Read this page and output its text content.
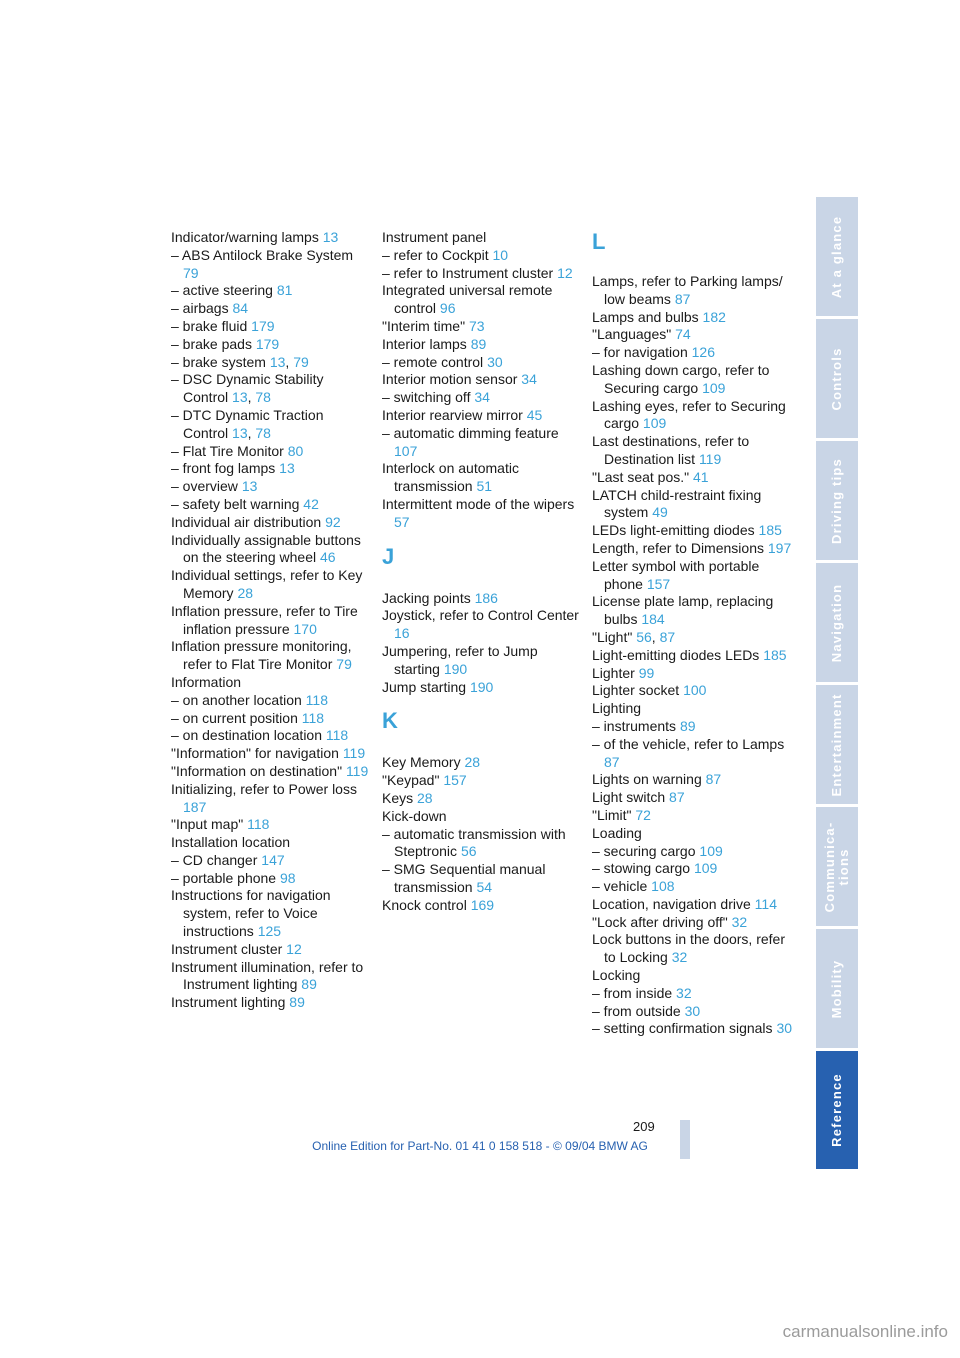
Indicator/warning lamps 13
– ABS Antilock Brake System 79
– active steering 81
– airbags 84
– brake fluid 179
– brake pads 179
– brake system 13, 79
– DSC Dynamic Stability Control 13, 78
– DTC Dynamic Traction Control 13, 78
– Flat Tire Monitor 80
– front fog lamps 13
– overview 13
– safety belt warning 42
Individual air distribution 92
Individually assignable buttons on the steering wheel 46
Individual settings, refer to Key Memory 28
Inflation pressure, refer to Tire inflation pressure 170
Inflation pressure monitoring, refer to Flat Tire Monitor 79
Information
– on another location 118
– on current position 118
– on destination location 118
"Information" for navigation 119
"Information on destination" 119
Initializing, refer to Power loss 187
"Input map" 118
Installation location
– CD changer 147
– portable phone 98
Instructions for navigation system, refer to Voice instructions 125
Instrument cluster 12
Instrument illumination, refer to Instrument lighting 89
Instrument lighting 89
Instrument panel
– refer to Cockpit 10
– refer to Instrument cluster 12
Integrated universal remote control 96
"Interim time" 73
Interior lamps 89
– remote control 30
Interior motion sensor 34
– switching off 34
Interior rearview mirror 45
– automatic dimming feature 107
Interlock on automatic transmission 51
Intermittent mode of the wipers 57
J
Jacking points 186
Joystick, refer to Control Center 16
Jumpering, refer to Jump starting 190
Jump starting 190
K
Key Memory 28
"Keypad" 157
Keys 28
Kick-down
– automatic transmission with Steptronic 56
– SMG Sequential manual transmission 54
Knock control 169
L
Lamps, refer to Parking lamps/ low beams 87
Lamps and bulbs 182
"Languages" 74
– for navigation 126
Lashing down cargo, refer to Securing cargo 109
Lashing eyes, refer to Securing cargo 109
Last destinations, refer to Destination list 119
"Last seat pos." 41
LATCH child-restraint fixing system 49
LEDs light-emitting diodes 185
Length, refer to Dimensions 197
Letter symbol with portable phone 157
License plate lamp, replacing bulbs 184
"Light" 56, 87
Light-emitting diodes LEDs 185
Lighter 99
Lighter socket 100
Lighting
– instruments 89
– of the vehicle, refer to Lamps 87
Lights on warning 87
Light switch 87
"Limit" 72
Loading
– securing cargo 109
– stowing cargo 109
– vehicle 108
Location, navigation drive 114
"Lock after driving off" 32
Lock buttons in the doors, refer to Locking 32
Locking
– from inside 32
– from outside 30
– setting confirmation signals 30
At a glance
Controls
Driving tips
Navigation
Entertainment
Communica-
tions
Mobility
Reference
209
Online Edition for Part-No. 01 41 0 158 518 - © 09/04 BMW AG
carmanualsonline.info
